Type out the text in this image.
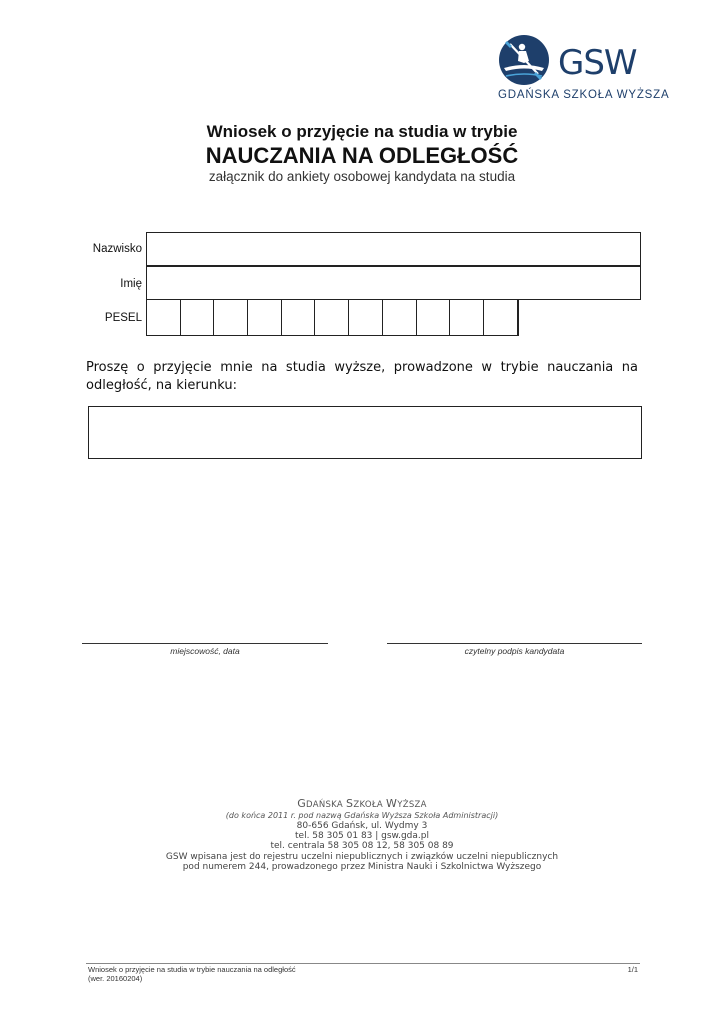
GSW
GDAŃSKA SZKOŁA WYŻSZA
Wniosek o przyjęcie na studia w trybie
NAUCZANIA NA ODLEGŁOŚĆ
załącznik do ankiety osobowej kandydata na studia
Nazwisko
Imię
PESEL
Proszę o przyjęcie mnie na studia wyższe, prowadzone w trybie nauczania na odległość, na kierunku:
miejscowość, data	czytelny podpis kandydata
GDAŃSKA SZKOŁA WYŻSZA
(do końca 2011 r. pod nazwą Gdańska Wyższa Szkoła Administracji)
80-656 Gdańsk, ul. Wydmy 3
tel. 58 305 01 83 | gsw.gda.pl
tel. centrala 58 305 08 12, 58 305 08 89
GSW wpisana jest do rejestru uczelni niepublicznych i związków uczelni niepublicznych
pod numerem 244, prowadzonego przez Ministra Nauki i Szkolnictwa Wyższego
Wniosek o przyjęcie na studia w trybie nauczania na odległość
(wer. 20160204)
1/1
